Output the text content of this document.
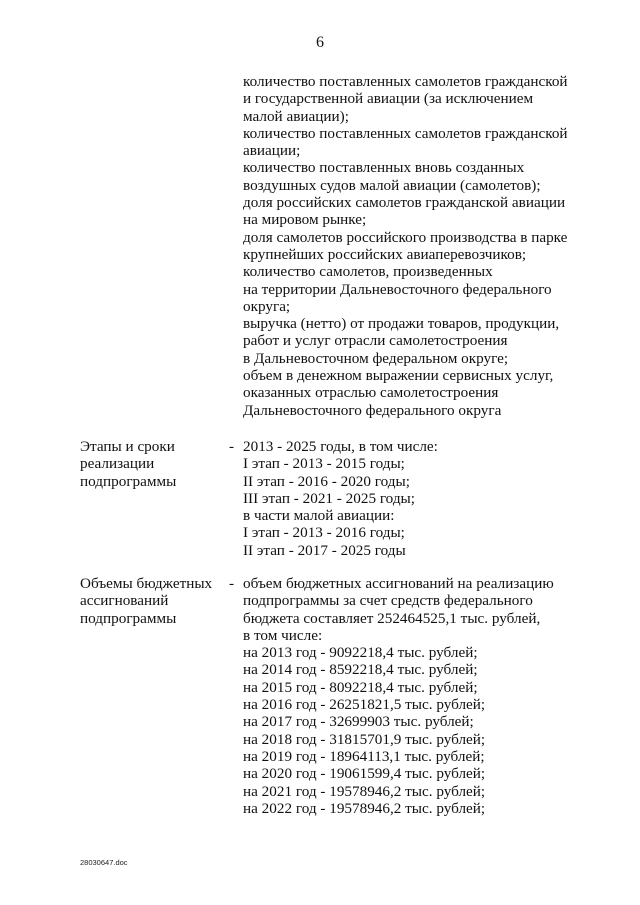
6
количество поставленных самолетов гражданской
и государственной авиации (за исключением
малой авиации);
количество поставленных самолетов гражданской
авиации;
количество поставленных вновь созданных
воздушных судов малой авиации (самолетов);
доля российских самолетов гражданской авиации
на мировом рынке;
доля самолетов российского производства в парке
крупнейших российских авиаперевозчиков;
количество самолетов, произведенных
на территории Дальневосточного федерального
округа;
выручка (нетто) от продажи товаров, продукции,
работ и услуг отрасли самолетостроения
в Дальневосточном федеральном округе;
объем в денежном выражении сервисных услуг,
оказанных отраслью самолетостроения
Дальневосточного федерального округа
Этапы и сроки
реализации
подпрограммы
- 2013 - 2025 годы, в том числе:
I этап - 2013 - 2015 годы;
II этап - 2016 - 2020 годы;
III этап - 2021 - 2025 годы;
в части малой авиации:
I этап - 2013 - 2016 годы;
II этап - 2017 - 2025 годы
Объемы бюджетных
ассигнований
подпрограммы
- объем бюджетных ассигнований на реализацию
подпрограммы за счет средств федерального
бюджета составляет 252464525,1 тыс. рублей,
в том числе:
на 2013 год - 9092218,4 тыс. рублей;
на 2014 год - 8592218,4 тыс. рублей;
на 2015 год - 8092218,4 тыс. рублей;
на 2016 год - 26251821,5 тыс. рублей;
на 2017 год - 32699903 тыс. рублей;
на 2018 год - 31815701,9 тыс. рублей;
на 2019 год - 18964113,1 тыс. рублей;
на 2020 год - 19061599,4 тыс. рублей;
на 2021 год - 19578946,2 тыс. рублей;
на 2022 год - 19578946,2 тыс. рублей;
28030647.doc
